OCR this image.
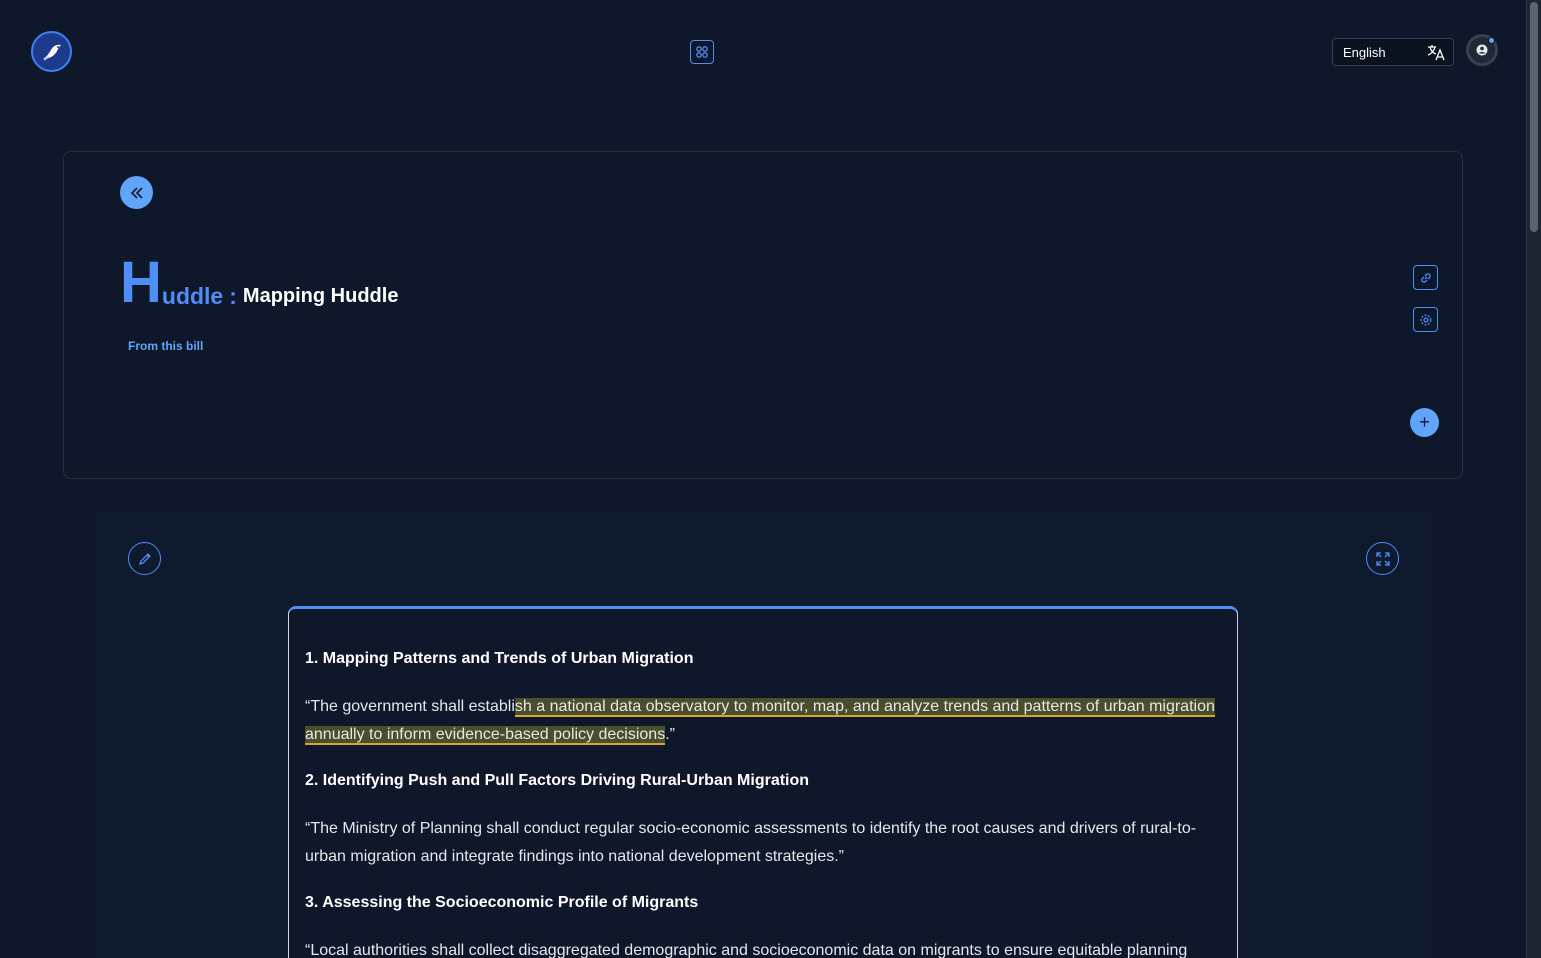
English
H uddle : Mapping Huddle
From this bill
+
1. Mapping Patterns and Trends of Urban Migration

“The government shall establish a national data observatory to monitor, map, and analyze trends and patterns of urban migration annually to inform evidence-based policy decisions.”

2. Identifying Push and Pull Factors Driving Rural-Urban Migration

“The Ministry of Planning shall conduct regular socio-economic assessments to identify the root causes and drivers of rural-to-urban migration and integrate findings into national development strategies.”

3. Assessing the Socioeconomic Profile of Migrants

“Local authorities shall collect disaggregated demographic and socioeconomic data on migrants to ensure equitable planning
